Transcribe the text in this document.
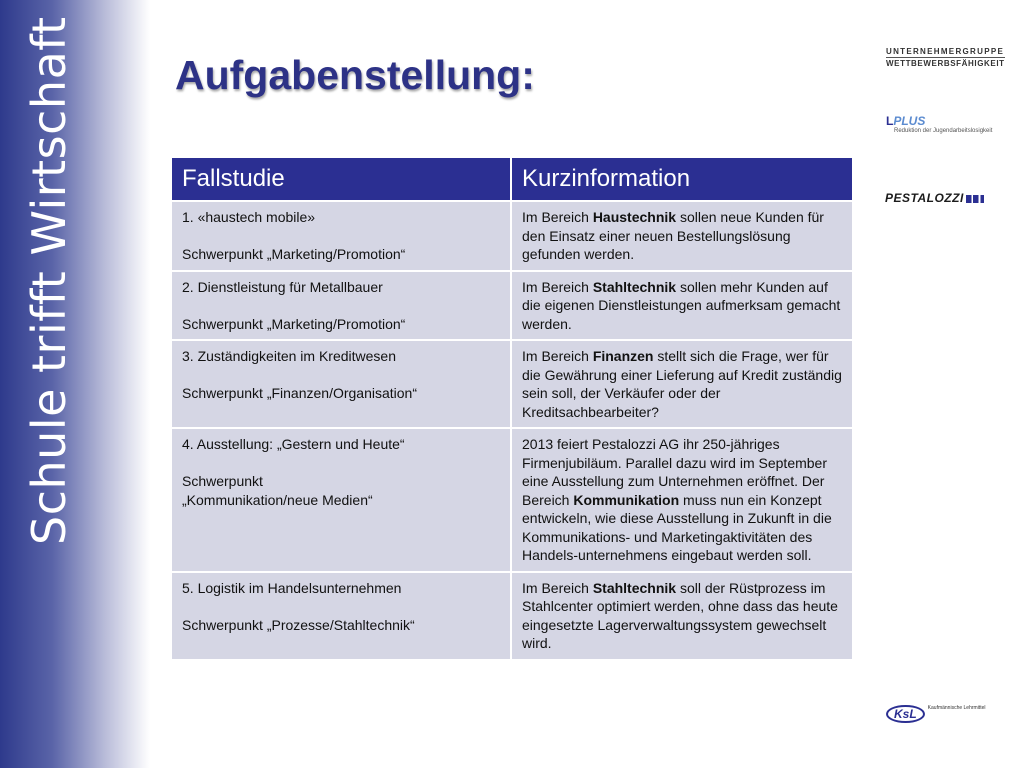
Schule trifft Wirtschaft Aufgabenstellung:
UNTERNEHMERGRUPPE
WETTBEWERBSFÄHIGKEIT
LPLUS
Reduktion der Jugendarbeitslosigkeit
PESTALOZZI
KsL $^{Kaufmännische Lehrmittel}$
Fallstudie	Kurzinformation

1. «haustech mobile»
Schwerpunkt „Marketing/Promotion“	Im Bereich Haustechnik sollen neue Kunden für den Einsatz einer neuen Bestellungslösung gefunden werden.

2. Dienstleistung für Metallbauer
Schwerpunkt „Marketing/Promotion“	Im Bereich Stahltechnik sollen mehr Kunden auf die eigenen Dienstleistungen aufmerksam gemacht werden.

3. Zuständigkeiten im Kreditwesen
Schwerpunkt „Finanzen/Organisation“	Im Bereich Finanzen stellt sich die Frage, wer für die Gewährung einer Lieferung auf Kredit zuständig sein soll, der Verkäufer oder der Kreditsachbearbeiter?

4. Ausstellung: „Gestern und Heute“
Schwerpunkt „Kommunikation/neue Medien“	2013 feiert Pestalozzi AG ihr 250-jähriges Firmenjubiläum. Parallel dazu wird im September eine Ausstellung zum Unternehmen eröffnet. Der Bereich Kommunikation muss nun ein Konzept entwickeln, wie diese Ausstellung in Zukunft in die Kommunikations- und Marketingaktivitäten des Handels-unternehmens eingebaut werden soll.

5. Logistik im Handelsunternehmen
Schwerpunkt „Prozesse/Stahltechnik“	Im Bereich Stahltechnik soll der Rüstprozess im Stahlcenter optimiert werden, ohne dass das heute eingesetzte Lagerverwaltungssystem gewechselt wird.
